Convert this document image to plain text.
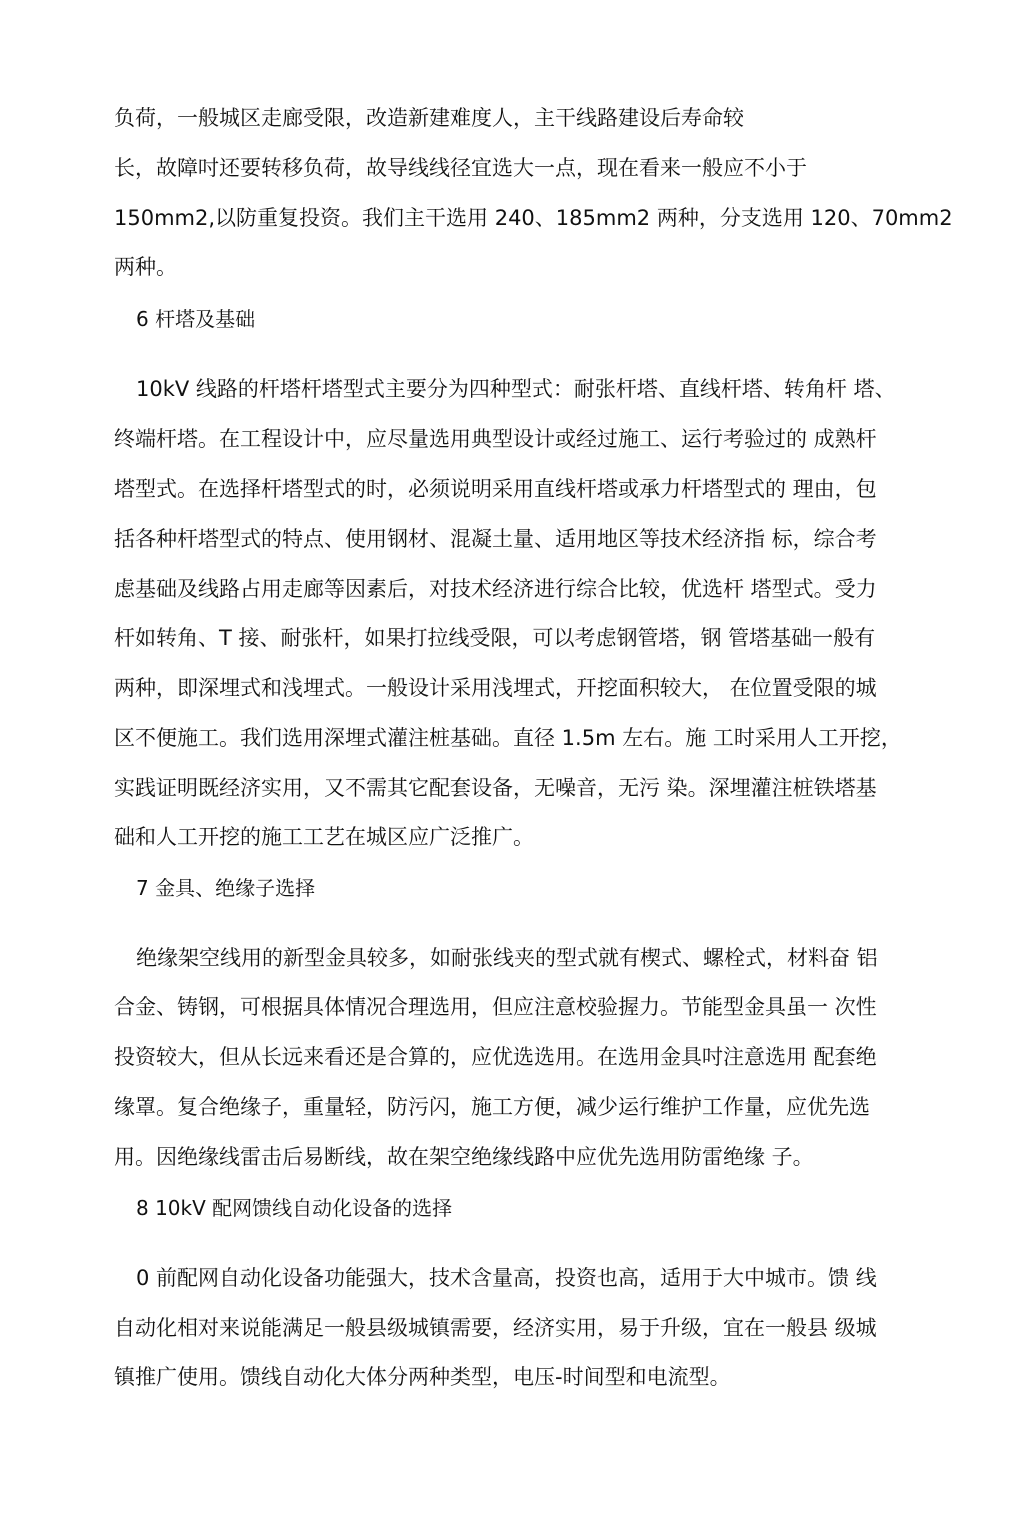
负荷，一般城区走廊受限，改造新建难度人，主干线路建设后寿命较
长，故障吋还要转移负荷，故导线线径宜选大一点，现在看来一般应不小于
150mm2,以防重复投资。我们主干选用 240、185mm2 两种，分支选用 120、70mm2
两种。
6 杆塔及基础
10kV 线路的杆塔杆塔型式主要分为四种型式：耐张杆塔、直线杆塔、转角杆 塔、
终端杆塔。在工程设计中，应尽量选用典型设计或经过施工、运行考验过的 成熟杆
塔型式。在选择杆塔型式的时，必须说明采用直线杆塔或承力杆塔型式的 理由，包
括各种杆塔型式的特点、使用钢材、混凝土量、适用地区等技术经济指 标，综合考
虑基础及线路占用走廊等因素后，对技术经济进行综合比较，优选杆 塔型式。受力
杆如转角、T 接、耐张杆，如果打拉线受限，可以考虑钢管塔，钢 管塔基础一般有
两种，即深埋式和浅埋式。一般设计采用浅埋式，幵挖面积较大， 在位置受限的城
区不便施工。我们选用深埋式灌注桩基础。直径 1.5m 左右。施 工时采用人工开挖，
实践证明既经济实用，又不需其它配套设备，无噪音，无污 染。深埋灌注桩铁塔基
础和人工开挖的施工工艺在城区应广泛推广。
7 金具、绝缘子选择
绝缘架空线用的新型金具较多，如耐张线夹的型式就有楔式、螺栓式，材料奋 铝
合金、铸钢，可根据具体情况合理选用，但应注意校验握力。节能型金具虽一 次性
投资较大，但从长远来看还是合算的，应优选选用。在选用金具吋注意选用 配套绝
缘罩。复合绝缘子，重量轻，防污闪，施工方便，减少运行维护工作量，应优先选
用。因绝缘线雷击后易断线，故在架空绝缘线路中应优先选用防雷绝缘 子。
8 10kV 配网馈线自动化设备的选择
0 前配网自动化设备功能强大，技术含量高，投资也高，适用于大中城市。馈 线
自动化相对来说能满足一般县级城镇需要，经济实用，易于升级，宜在一般县 级城
镇推广使用。馈线自动化大体分两种类型，电压-时间型和电流型。
